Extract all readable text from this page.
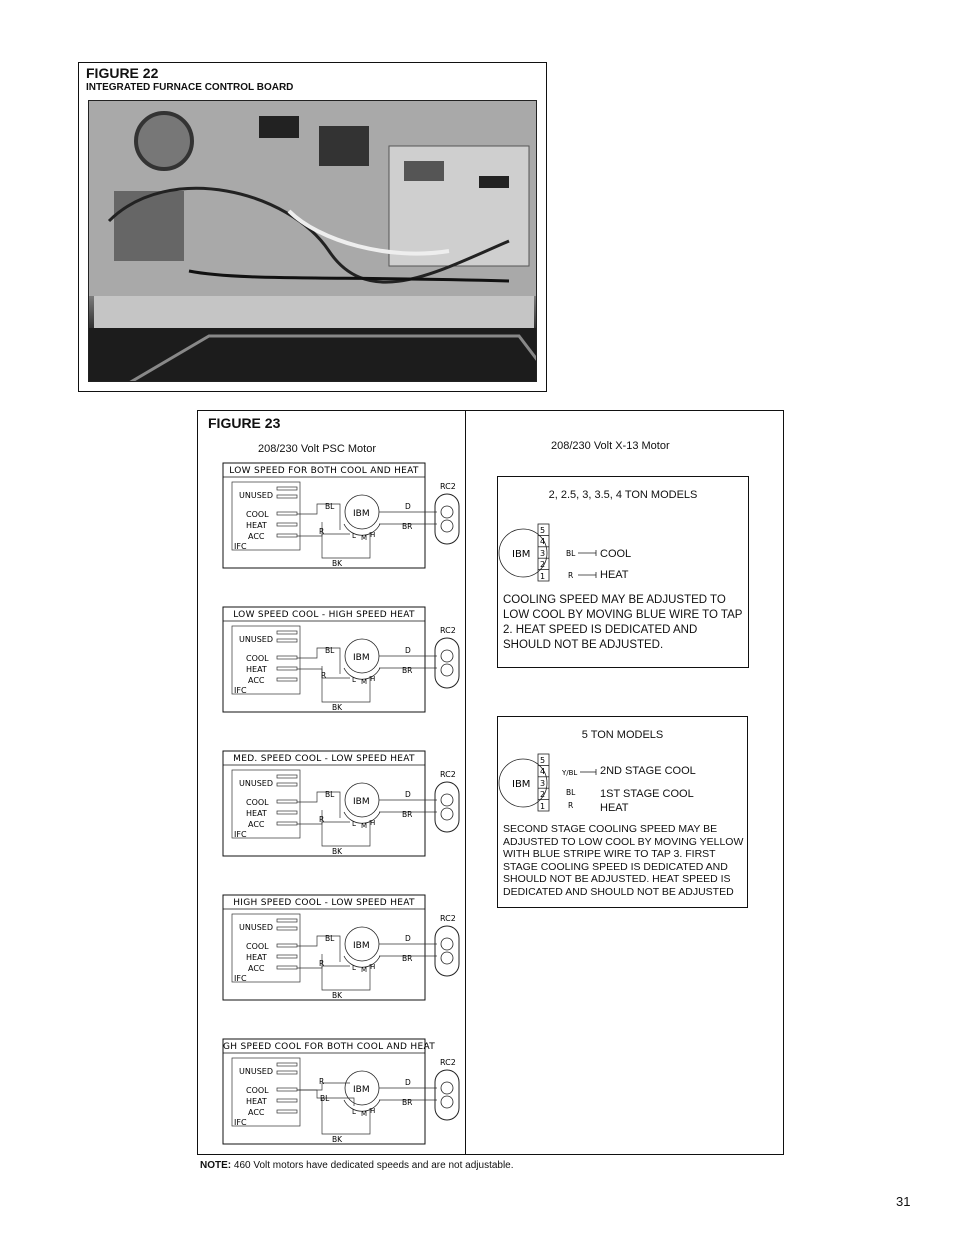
FIGURE 22
INTEGRATED FURNACE CONTROL BOARD
FIGURE 23
208/230 Volt PSC Motor	208/230 Volt X-13 Motor
LOW SPEED FOR BOTH COOL AND HEAT
UNUSED
COOL
HEAT
ACC
IFC
IBM
L M H
BL
R
BK
D
BR
RC2
LOW SPEED COOL - HIGH SPEED HEAT
UNUSED
COOL
HEAT
ACC
IFC
IBM
L M H
BL
R
BK
D
BR
RC2
MED. SPEED COOL - LOW SPEED HEAT
UNUSED
COOL
HEAT
ACC
IFC
IBM
L M H
BL
R
BK
D
BR
RC2
HIGH SPEED COOL - LOW SPEED HEAT
UNUSED
COOL
HEAT
ACC
IFC
IBM
L M H
BL
R
BK
D
BR
RC2
HIGH SPEED COOL FOR BOTH COOL AND HEAT
UNUSED
COOL
HEAT
ACC
IFC
IBM
L M H
BL
R
BK
D
BR
RC2
2, 2.5, 3, 3.5, 4 TON MODELS
IBM
5
4
3
2
1
BL
R
COOL
HEAT
COOLING SPEED MAY BE ADJUSTED TO LOW COOL BY MOVING BLUE WIRE TO TAP 2. HEAT SPEED IS DEDICATED AND SHOULD NOT BE ADJUSTED.
5 TON MODELS
IBM
5
4
3
2
1
Y/BL
BL
R
2ND STAGE COOL
1ST STAGE COOL
HEAT
SECOND STAGE COOLING SPEED MAY BE ADJUSTED TO LOW COOL BY MOVING YELLOW WITH BLUE STRIPE WIRE TO TAP 3. FIRST STAGE COOLING SPEED IS DEDICATED AND SHOULD NOT BE ADJUSTED. HEAT SPEED IS DEDICATED AND SHOULD NOT BE ADJUSTED
NOTE: 460 Volt motors have dedicated speeds and are not adjustable.
31
